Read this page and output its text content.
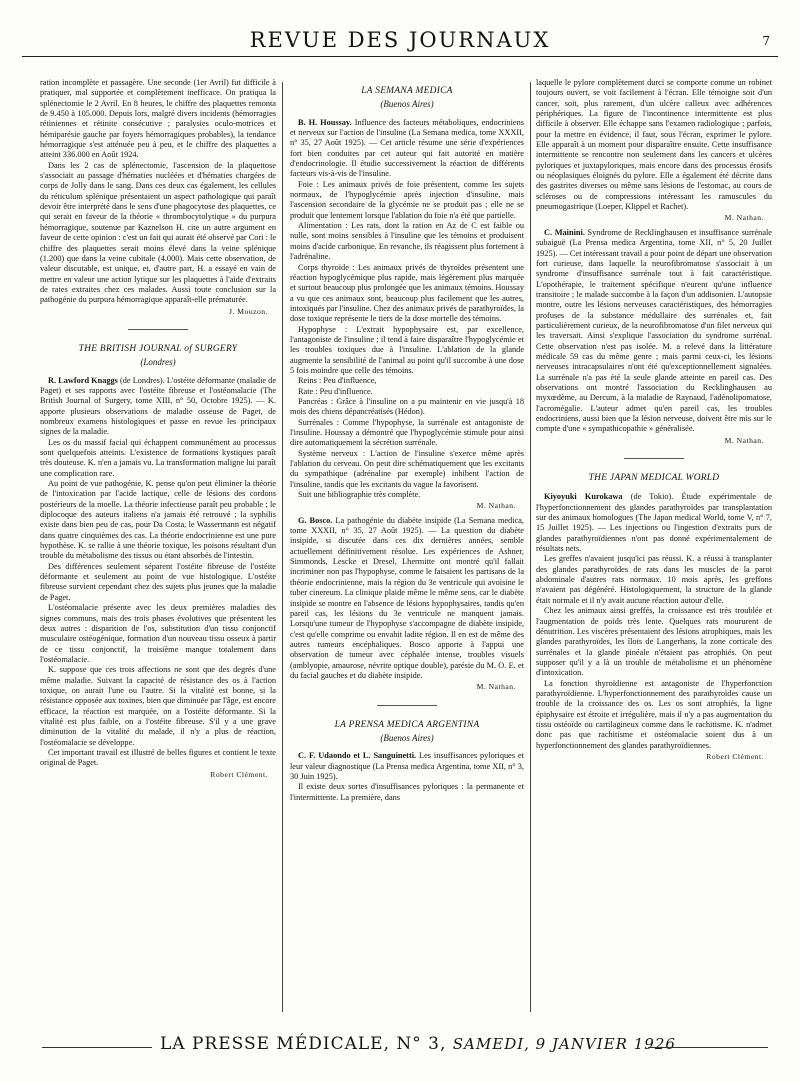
REVUE DES JOURNAUX	7

ration incomplète et passagère. Une seconde (1er Avril) fut difficile à pratiquer, mal supportée et complètement inefficace. On pratiqua la splénectomie le 2 Avril. En 8 heures, le chiffre des plaquettes remonta de 9.450 à 105.000. Depuis lors, malgré divers incidents (hémorragies rétiniennes et rétinite consécutive ; paralysies oculo-motrices et hémiparésie gauche par foyers hémorragiques probables), la tendance hémorragique s'est atténuée peu à peu, et le chiffre des plaquettes a atteint 336.000 en Août 1924.

Dans les 2 cas de splénectomie, l'ascension de la plaquettose s'associait au passage d'hématies nucléées et d'hématies chargées de corps de Jolly dans le sang. Dans ces deux cas également, les cellules du réticulum splénique présentaient un aspect pathologique qui paraît devoir être interprété dans le sens d'une phagocytose des plaquettes, ce qui serait en faveur de la théorie « thrombocytolytique » du purpura hémorragique, soutenue par Kaznelson H. cite un autre argument en faveur de cette opinion : c'est un fait qui aurait été observé par Cori : le chiffre des plaquettes serait moins élevé dans la veine splénique (1.200) que dans la veine cubitale (4.000). Mais cette observation, de valeur discutable, est unique, et, d'autre part, H. a essayé en vain de mettre en valeur une action lytique sur les plaquettes à l'aide d'extraits de rates extraites chez ces malades. Aussi toute conclusion sur la pathogénie du purpura hémorragique apparaît-elle prématurée.

J. Mouzon.
THE BRITISH JOURNAL of SURGERY
(Londres)

R. Lawford Knaggs (de Londres). L'ostéite déformante (maladie de Paget) et ses rapports avec l'ostéite fibreuse et l'ostéomalacie (The British Journal of Surgery, tome XIII, n° 50, Octobre 1925). — K. apporte plusieurs observations de maladie osseuse de Paget, de nombreux examens histologiques et passe en revue les principaux signes de la maladie.

Les os du massif facial qui échappent communément au processus sont quelquefois atteints. L'existence de formations kystiques paraît très douteuse. K. n'en a jamais vu. La transformation maligne lui paraît une complication rare.

Au point de vue pathogénie, K. pense qu'on peut éliminer la théorie de l'intoxication par l'acide lactique, celle de lésions des cordons postérieurs de la moelle. La théorie infectieuse paraît peu probable ; le diplocoque des auteurs italiens n'a jamais été retrouvé ; la syphilis existe dans bien peu de cas, pour Da Costa, le Wassermann est négatif dans quatre cinquièmes des cas. La théorie endocrinienne est une pure hypothèse. K. se rallie à une théorie toxique, les poisons résultant d'un trouble du métabolisme des tissus ou étant absorbés de l'intestin.

Des différences seulement séparent l'ostéite fibreuse de l'ostéite déformante et seulement au point de vue histologique. L'ostéite fibreuse survient cependant chez des sujets plus jeunes que la maladie de Paget.

L'ostéomalacie présente avec les deux premières maladies des signes communs, mais des trois phases évolutives que présentent les deux autres : disparition de l'os, substitution d'un tissu conjonctif musculaire ostéogénique, formation d'un nouveau tissu osseux à partir de ce tissu conjonctif, la troisième manque totalement dans l'ostéomalacie.

K. suppose que ces trois affections ne sont que des degrés d'une même maladie. Suivant la capacité de résistance des os à l'action toxique, on aurait l'une ou l'autre. Si la vitalité est bonne, si la résistance opposée aux toxines, bien que diminuée par l'âge, est encore efficace, la réaction est marquée, on a l'ostéite déformante. Si la vitalité est plus faible, on a l'ostéite fibreuse. S'il y a une grave diminution de la vitalité du malade, il n'y a plus de réaction, l'ostéomalacie se développe.

Cet important travail est illustré de belles figures et contient le texte original de Paget.

Robert Clément.
LA SEMANA MEDICA
(Buenos Aires)

B. H. Houssay. Influence des facteurs métaboliques, endocriniens et nerveux sur l'action de l'insuline (La Semana medica, tome XXXII, n° 35, 27 Août 1925). — Cet article résume une série d'expériences fort bien conduites par cet auteur qui fait autorité en matière d'endocrinologie. Il étudie successivement la réaction de différents facteurs vis-à-vis de l'insuline.

Foie : Les animaux privés de foie présentent, comme les sujets normaux, de l'hypoglycémie après injection d'insuline, mais l'ascension secondaire de la glycémie ne se produit pas ; elle ne se produit que lentement lorsque l'ablation du foie n'a été que partielle.

Alimentation : Les rats, dont la ration en Az de C est faible ou nulle, sont moins sensibles à l'insuline que les témoins et produisent moins d'acide carbonique. En revanche, ils réagissent plus fortement à l'adrénaline.

Corps thyroïde : Les animaux privés de thyroïdes présentent une réaction hypoglycémique plus rapide, mais légèrement plus marquée et surtout beaucoup plus prolongée que les animaux témoins. Houssay a vu que ces animaux sont, beaucoup plus facilement que les autres, intoxiqués par l'insuline. Chez des animaux privés de parathyroïdes, la dose toxique représente le tiers de la dose mortelle des témoins.

Hypophyse : L'extrait hypophysaire est, par excellence, l'antagoniste de l'insuline ; il tend à faire disparaître l'hypoglycémie et les troubles toxiques due à l'insuline. L'ablation de la glande augmente la sensibilité de l'animal au point qu'il succombe à une dose 5 fois moindre que celle des témoins.

Reins : Peu d'influence,

Rate : Peu d'influence.

Pancréas : Grâce à l'insuline on a pu maintenir en vie jusqu'à 18 mois des chiens dépancréatisés (Hédon).

Surrénales : Comme l'hypophyse, la surrénale est antagoniste de l'insuline. Houssay a démontré que l'hypoglycémie stimule pour ainsi dire automatiquement la sécrétion surrénale.

Système nerveux : L'action de l'insuline s'exerce même après l'ablation du cerveau. On peut dire schématiquement que les excitants du sympathique (adrénaline par exemple) inhibent l'action de l'insuline, tandis que les excitants du vague la favorisent.

Suit une bibliographie très complète.

M. Nathan.

G. Bosco. La pathogénie du diabète insipide (La Semana medica, tome XXXII, n° 35, 27 Août 1925). — La question du diabète insipide, si discutée dans ces dix dernières années, semble actuellement définitivement résolue. Les expériences de Ashner, Simmonds, Lescke et Dresel, Lhermitte ont montré qu'il fallait incriminer non pas l'hypophyse, comme le faisaient les partisans de la théorie endocrinienne, mais la région du 3e ventricule qui avoisine le tuber cinereum. La clinique plaide même le même sens, car le diabète insipide se montre en l'absence de lésions hypophysaires, tandis qu'en pareil cas, les lésions du 3e ventricule ne manquent jamais. Lorsqu'une tumeur de l'hypophyse s'accompagne de diabète insipide, c'est qu'elle comprime ou envahit ladite région. Il en est de même des autres tumeurs encéphaliques. Bosco apporte à l'appui une observation de tumeur avec céphalée intense, troubles visuels (amblyopie, amaurose, névrite optique double), parésie du M. O. E. et du facial gauches et du diabète insipide.

M. Nathan.
LA PRENSA MEDICA ARGENTINA
(Buenos Aires)

C. F. Udaondo et L. Sanguinetti. Les insuffisances pyloriques et leur valeur diagnostique (La Prensa medica Argentina, tome XII, n° 3, 30 Juin 1925).

Il existe deux sortes d'insuffisances pyloriques : la permanente et l'intermittente. La première, dans

laquelle le pylore complètement durci se comporte comme un robinet toujours ouvert, se voit facilement à l'écran. Elle témoigne soit d'un cancer, soit, plus rarement, d'un ulcère calleux avec adhérences périphériques. La figure de l'incontinence intermittente est plus difficile à observer. Elle échappe sans l'examen radiologique ; parfois, pour la mettre en évidence, il faut, sous l'écran, exprimer le pylore. Elle apparaît à un moment pour disparaître ensuite. Cette insuffisance intermittente se rencontre non seulement dans les cancers et ulcères pyloriques et juxtapyloriques, mais encore dans des processus érosifs ou néoplasiques éloignés du pylore. Elle a également été décrite dans des gastrites diverses ou même sans lésions de l'estomac, au cours de scléroses ou de compressions intéressant les ramuscules du pneumogastrique (Loeper, Klippel et Rachet).

M. Nathan.

C. Mainini. Syndrome de Recklinghausen et insuffisance surrénale subaiguë (La Prensa medica Argentina, tome XII, n° 5, 20 Juillet 1925). — Cet intéressant travail a pour point de départ une observation fort curieuse, dans laquelle la neurofibromatose s'associait à un syndrome d'insuffisance surrénale tout à fait caractéristique. L'opothérapie, le traitement spécifique n'eurent qu'une influence transitoire ; le malade succombe à la façon d'un addisonien. L'autopsie montre, outre les lésions nerveuses caractéristiques, des hémorragies profuses de la substance médullaire des surrénales et, fait particulièrement curieux, de la neurofibromatose d'un filet nerveux qui les traversait. Ainsi s'explique l'association du syndrome surrénal. Cette observation n'est pas isolée. M. a relevé dans la littérature médicale 59 cas du même genre ; mais parmi ceux-ci, les lésions nerveuses intracapsulaires n'ont été qu'exceptionnellement signalées. La surrénale n'a pas été la seule glande atteinte en pareil cas. Des observations ont montré l'association du Recklinghausen au myxœdème, au Dercum, à la maladie de Raynaud, l'adénolipomatose, l'acromégalie. L'auteur admet qu'en pareil cas, les troubles endocriniens, aussi bien que la lésion nerveuse, doivent être mis sur le compte d'une « sympathicopathie » généralisée.

M. Nathan.
THE JAPAN MEDICAL WORLD

Kiyoyuki Kurokawa (de Tokio). Étude expérimentale de l'hyperfonctionnement des glandes parathyroïdes par transplantation sur des animaux homologues (The Japan medical World, tome V, n° 7, 15 Juillet 1925). — Les injections ou l'ingestion d'extraits purs de glandes parathyroïdiennes n'ont pas donné expérimentalement de résultats nets.

Les greffes n'avaient jusqu'ici pas réussi. K. a réussi à transplanter des glandes parathyroïdes de rats dans les muscles de la paroi abdominale d'autres rats normaux. 10 mois après, les greffons n'avaient pas dégénéré. Histologiquement, la structure de la glande était normale et il n'y avait aucune réaction autour d'elle.

Chez les animaux ainsi greffés, la croissance est très troublée et l'augmentation de poids très lente. Quelques rats moururent de dénutrition. Les viscères présentaient des lésions atrophiques, mais les glandes parathyroïdes, les îlots de Langerhans, la zone corticale des surrénales et la glande pinéale n'étaient pas atrophiés. On peut supposer qu'il y a là un trouble de métabolisme et un phénomène d'intoxication.

La fonction thyroïdienne est antagoniste de l'hyperfonction parathyroïdienne. L'hyperfonctionnement des parathyroïdes cause un trouble de la croissance des os. Les os sont atrophiés, la ligne épiphysaire est étroite et irrégulière, mais il n'y a pas augmentation du tissu ostéoïde ou cartilagineux comme dans le rachitisme. K. n'admet donc pas que rachitisme et ostéomalacie soient dus à un hyperfonctionnement des glandes parathyroïdiennes.

Robert Clément.
LA PRESSE MÉDICALE, N° 3, SAMEDI, 9 JANVIER 1926
